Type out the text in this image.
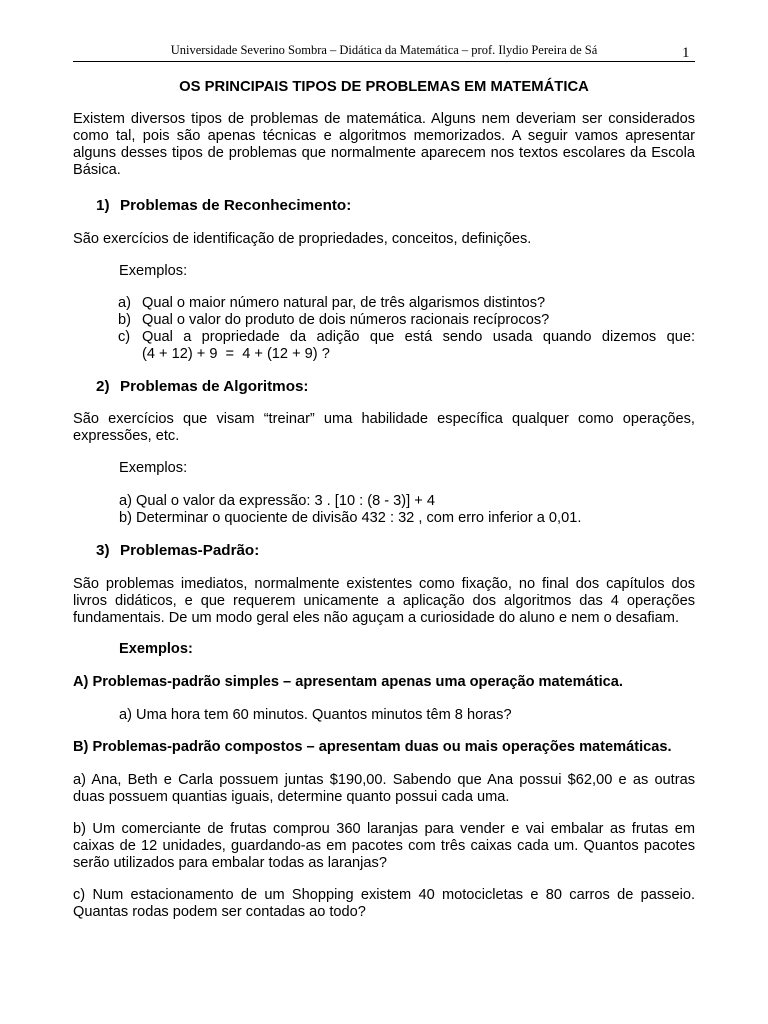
Universidade Severino Sombra – Didática da Matemática – prof. Ilydio Pereira de Sá	1

OS PRINCIPAIS TIPOS DE PROBLEMAS EM MATEMÁTICA

Existem diversos tipos de problemas de matemática. Alguns nem deveriam ser considerados como tal, pois são apenas técnicas e algoritmos memorizados. A seguir vamos apresentar alguns desses tipos de problemas que normalmente aparecem nos textos escolares da Escola Básica.

1) Problemas de Reconhecimento:

São exercícios de identificação de propriedades, conceitos, definições.

Exemplos:

a) Qual o maior número natural par, de três algarismos distintos?
b) Qual o valor do produto de dois números racionais recíprocos?
c) Qual a propriedade da adição que está sendo usada quando dizemos que:
(4 + 12) + 9  =  4 + (12 + 9) ?

2) Problemas de Algoritmos:

São exercícios que visam “treinar” uma habilidade específica qualquer como operações, expressões, etc.

Exemplos:

a) Qual o valor da expressão: 3 . [10 : (8 - 3)] + 4
b) Determinar o quociente de divisão 432 : 32 , com erro inferior a 0,01.

3) Problemas-Padrão:

São problemas imediatos, normalmente existentes como fixação, no final dos capítulos dos livros didáticos, e que requerem unicamente a aplicação dos algoritmos das 4 operações fundamentais. De um modo geral eles não aguçam a curiosidade do aluno e nem o desafiam.

Exemplos:

A) Problemas-padrão simples – apresentam apenas uma operação matemática.

a) Uma hora tem 60 minutos. Quantos minutos têm 8 horas?

B) Problemas-padrão compostos – apresentam duas ou mais operações matemáticas.

a) Ana, Beth e Carla possuem juntas $190,00. Sabendo que Ana possui $62,00 e as outras duas possuem quantias iguais, determine quanto possui cada uma.

b) Um comerciante de frutas comprou 360 laranjas para vender e vai embalar as frutas em caixas de 12 unidades, guardando-as em pacotes com três caixas cada um. Quantos pacotes serão utilizados para embalar todas as laranjas?

c) Num estacionamento de um Shopping existem 40 motocicletas e 80 carros de passeio. Quantas rodas podem ser contadas ao todo?
